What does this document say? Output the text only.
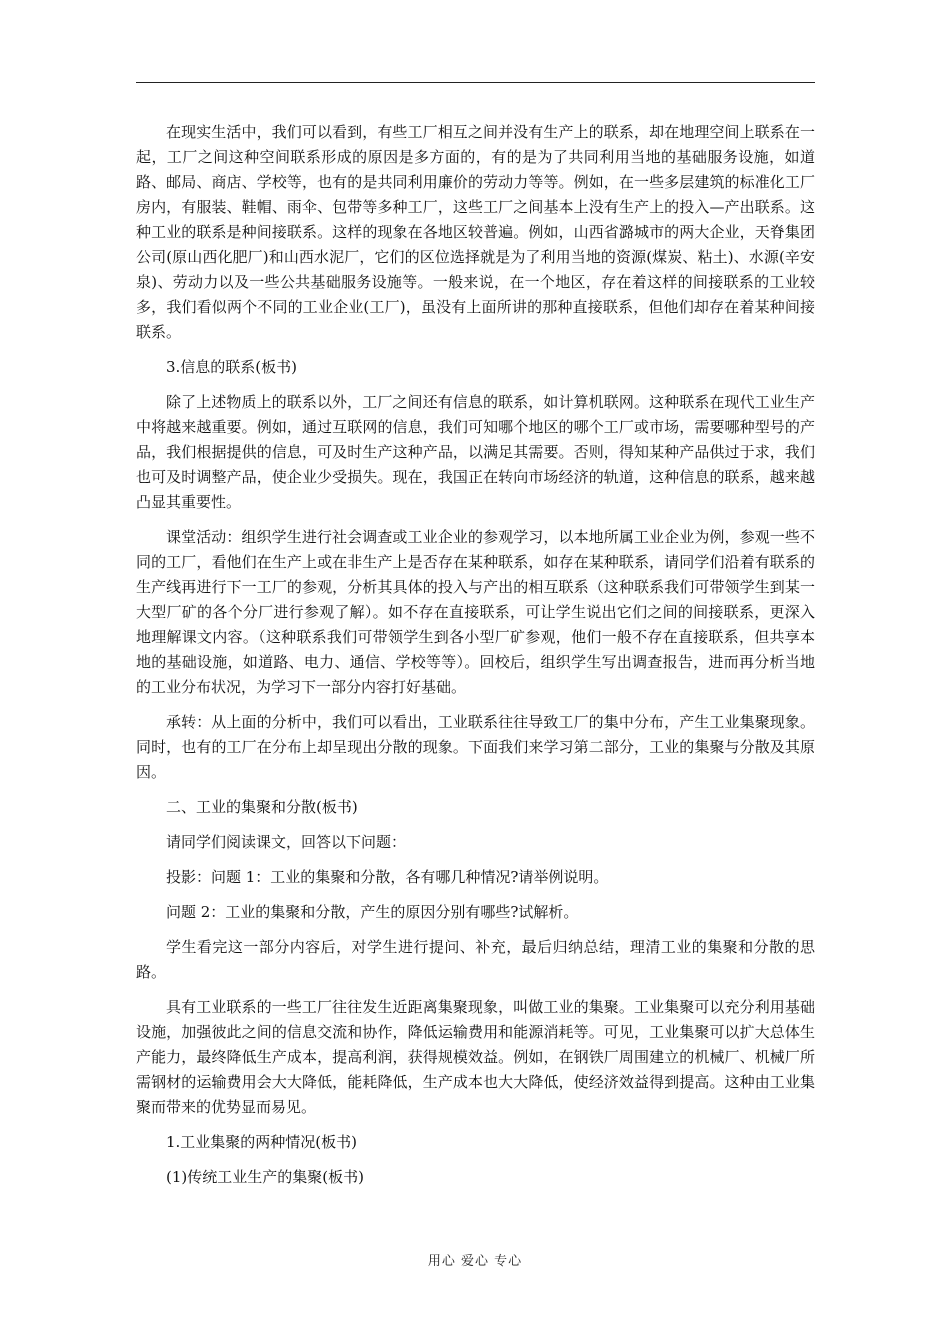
在现实生活中，我们可以看到，有些工厂相互之间并没有生产上的联系，却在地理空间上联系在一起，工厂之间这种空间联系形成的原因是多方面的，有的是为了共同利用当地的基础服务设施，如道路、邮局、商店、学校等，也有的是共同利用廉价的劳动力等等。例如，在一些多层建筑的标准化工厂房内，有服装、鞋帽、雨伞、包带等多种工厂，这些工厂之间基本上没有生产上的投入—产出联系。这种工业的联系是种间接联系。这样的现象在各地区较普遍。例如，山西省潞城市的两大企业，天脊集团公司(原山西化肥厂)和山西水泥厂，它们的区位选择就是为了利用当地的资源(煤炭、粘土)、水源(辛安泉)、劳动力以及一些公共基础服务设施等。一般来说，在一个地区，存在着这样的间接联系的工业较多，我们看似两个不同的工业企业(工厂)，虽没有上面所讲的那种直接联系，但他们却存在着某种间接联系。

3.信息的联系(板书)

除了上述物质上的联系以外，工厂之间还有信息的联系，如计算机联网。这种联系在现代工业生产中将越来越重要。例如，通过互联网的信息，我们可知哪个地区的哪个工厂或市场，需要哪种型号的产品，我们根据提供的信息，可及时生产这种产品，以满足其需要。否则，得知某种产品供过于求，我们也可及时调整产品，使企业少受损失。现在，我国正在转向市场经济的轨道，这种信息的联系，越来越凸显其重要性。

课堂活动：组织学生进行社会调查或工业企业的参观学习，以本地所属工业企业为例，参观一些不同的工厂，看他们在生产上或在非生产上是否存在某种联系，如存在某种联系，请同学们沿着有联系的生产线再进行下一工厂的参观，分析其具体的投入与产出的相互联系（这种联系我们可带领学生到某一大型厂矿的各个分厂进行参观了解）。如不存在直接联系，可让学生说出它们之间的间接联系，更深入地理解课文内容。（这种联系我们可带领学生到各小型厂矿参观，他们一般不存在直接联系，但共享本地的基础设施，如道路、电力、通信、学校等等）。回校后，组织学生写出调查报告，进而再分析当地的工业分布状况，为学习下一部分内容打好基础。

承转：从上面的分析中，我们可以看出，工业联系往往导致工厂的集中分布，产生工业集聚现象。同时，也有的工厂在分布上却呈现出分散的现象。下面我们来学习第二部分，工业的集聚与分散及其原因。

二、工业的集聚和分散(板书)

请同学们阅读课文，回答以下问题：

投影：问题 1：工业的集聚和分散，各有哪几种情况?请举例说明。

问题 2：工业的集聚和分散，产生的原因分别有哪些?试解析。

学生看完这一部分内容后，对学生进行提问、补充，最后归纳总结，理清工业的集聚和分散的思路。

具有工业联系的一些工厂往往发生近距离集聚现象，叫做工业的集聚。工业集聚可以充分利用基础设施，加强彼此之间的信息交流和协作，降低运输费用和能源消耗等。可见，工业集聚可以扩大总体生产能力，最终降低生产成本，提高利润，获得规模效益。例如，在钢铁厂周围建立的机械厂、机械厂所需钢材的运输费用会大大降低，能耗降低，生产成本也大大降低，使经济效益得到提高。这种由工业集聚而带来的优势显而易见。

1.工业集聚的两种情况(板书)

(1)传统工业生产的集聚(板书)

用心 爱心 专心
